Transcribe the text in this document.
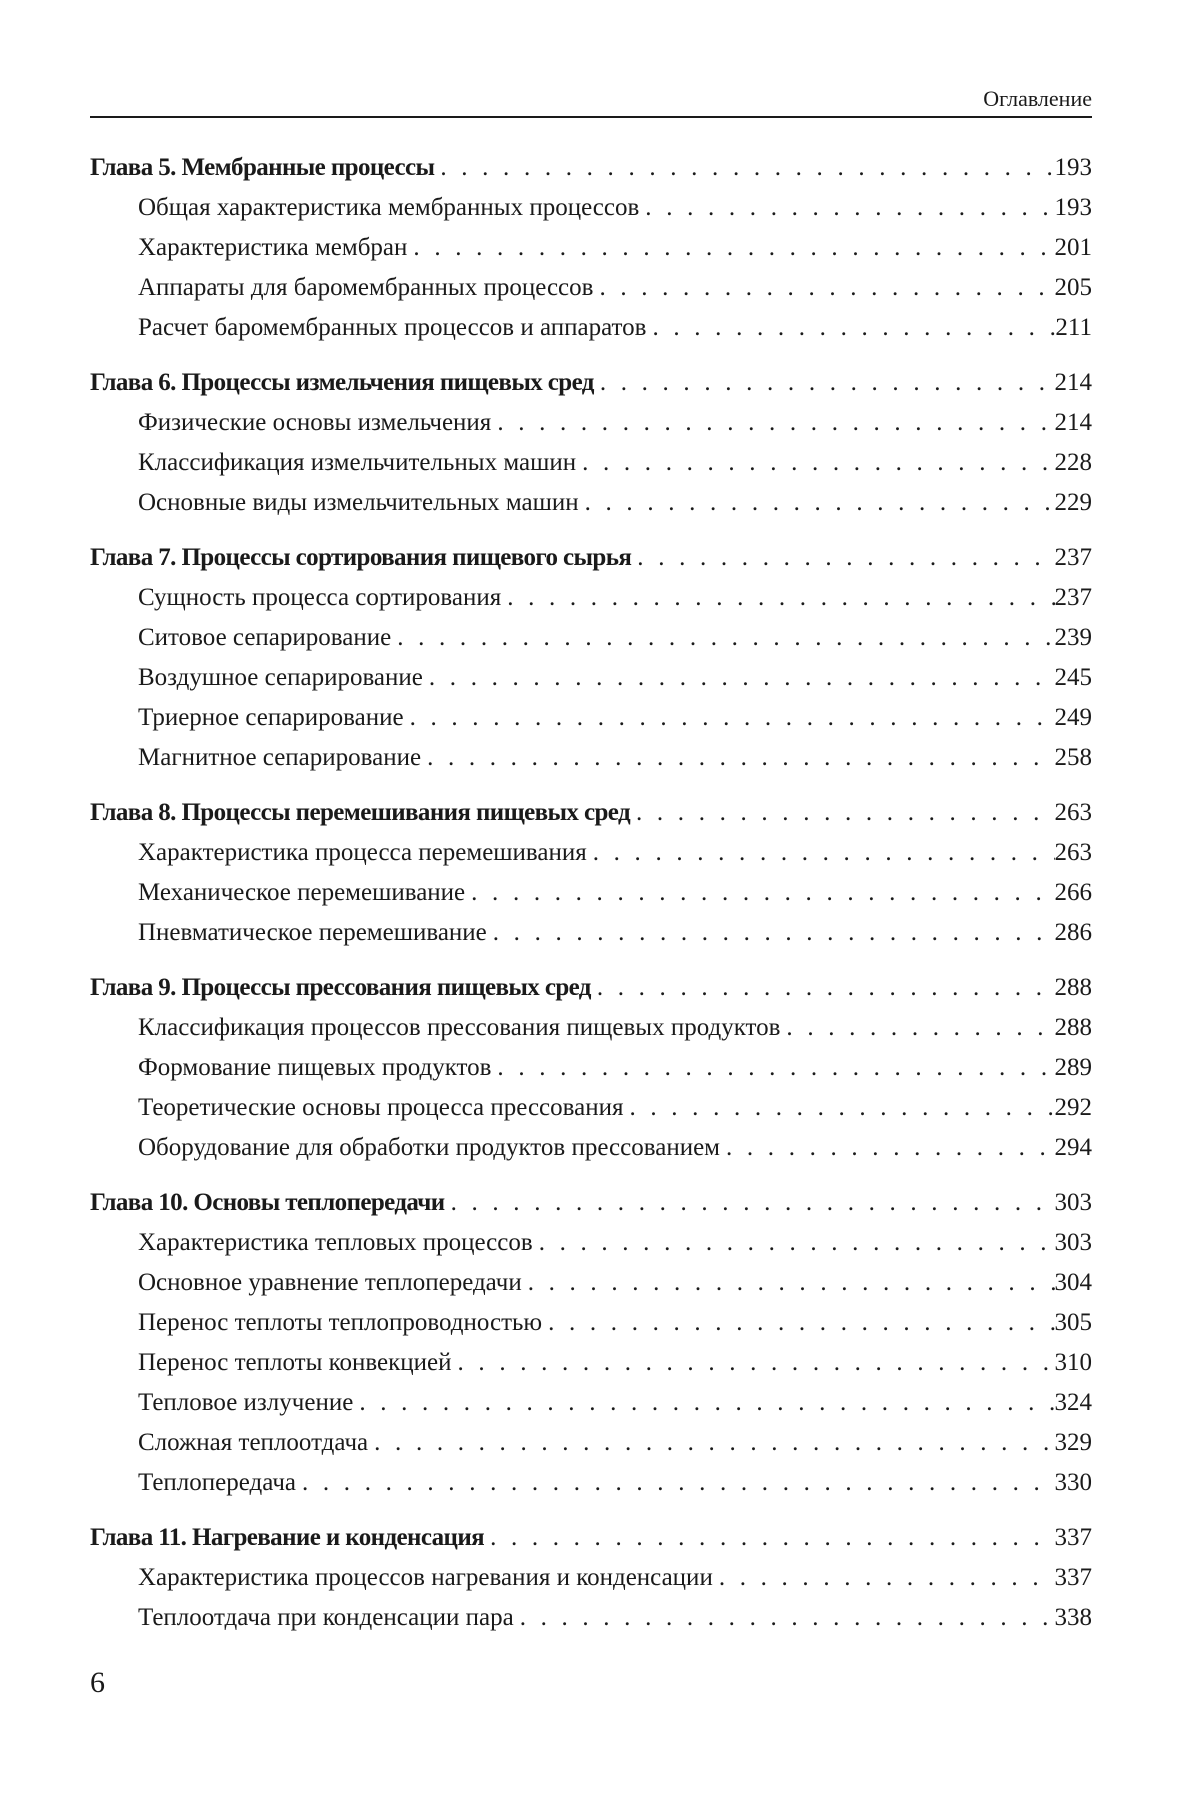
Оглавление
Глава 5. Мембранные процессы
. . .	193
Общая характеристика мембранных процессов
. . .	193
Характеристика мембран
. . .	201
Аппараты для баромембранных процессов
. . .	205
Расчет баромембранных процессов и аппаратов
. . .	211
Глава 6. Процессы измельчения пищевых сред
. . .	214
Физические основы измельчения
. . .	214
Классификация измельчительных машин
. . .	228
Основные виды измельчительных машин
. . .	229
Глава 7. Процессы сортирования пищевого сырья
. . .	237
Сущность процесса сортирования
. . .	237
Ситовое сепарирование
. . .	239
Воздушное сепарирование
. . .	245
Триерное сепарирование
. . .	249
Магнитное сепарирование
. . .	258
Глава 8. Процессы перемешивания пищевых сред
. . .	263
Характеристика процесса перемешивания
. . .	263
Механическое перемешивание
. . .	266
Пневматическое перемешивание
. . .	286
Глава 9. Процессы прессования пищевых сред
. . .	288
Классификация процессов прессования пищевых продуктов
. . .	288
Формование пищевых продуктов
. . .	289
Теоретические основы процесса прессования
. . .	292
Оборудование для обработки продуктов прессованием
. . .	294
Глава 10. Основы теплопередачи
. . .	303
Характеристика тепловых процессов
. . .	303
Основное уравнение теплопередачи
. . .	304
Перенос теплоты теплопроводностью
. . .	305
Перенос теплоты конвекцией
. . .	310
Тепловое излучение
. . .	324
Сложная теплоотдача
. . .	329
Теплопередача
. . .	330
Глава 11. Нагревание и конденсация
. . .	337
Характеристика процессов нагревания и конденсации
. . .	337
Теплоотдача при конденсации пара
. . .	338
6
